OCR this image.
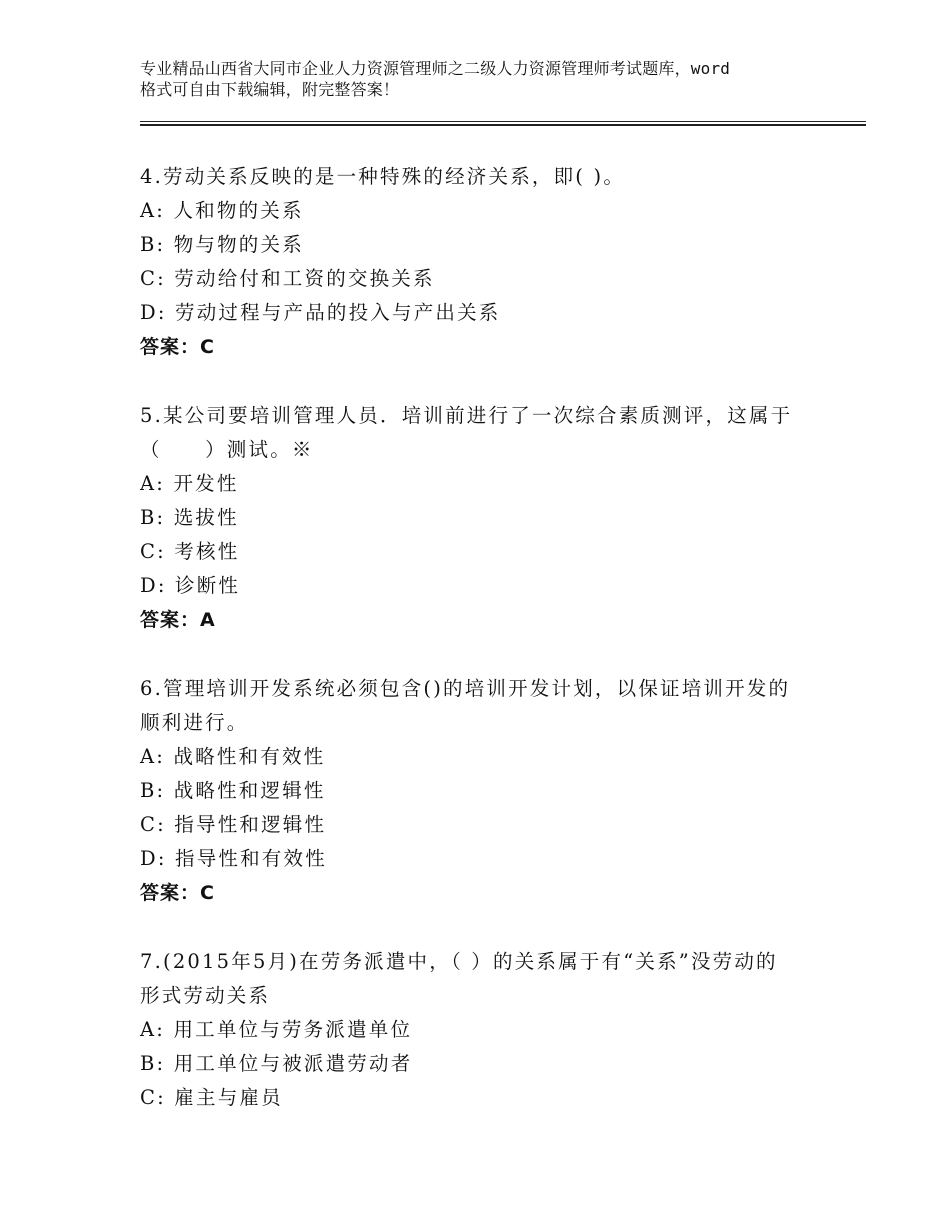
专业精品山西省大同市企业人力资源管理师之二级人力资源管理师考试题库，word
格式可自由下载编辑，附完整答案！
4.劳动关系反映的是一种特殊的经济关系，即( )。
A: 人和物的关系
B: 物与物的关系
C: 劳动给付和工资的交换关系
D: 劳动过程与产品的投入与产出关系
答案：C
5.某公司要培训管理人员．培训前进行了一次综合素质测评，这属于
（　　）测试。※
A: 开发性
B: 选拔性
C: 考核性
D: 诊断性
答案：A
6.管理培训开发系统必须包含()的培训开发计划，以保证培训开发的
顺利进行。
A: 战略性和有效性
B: 战略性和逻辑性
C: 指导性和逻辑性
D: 指导性和有效性
答案：C
7.(2015年5月)在劳务派遣中，（ ）的关系属于有“关系”没劳动的
形式劳动关系
A: 用工单位与劳务派遣单位
B: 用工单位与被派遣劳动者
C: 雇主与雇员
